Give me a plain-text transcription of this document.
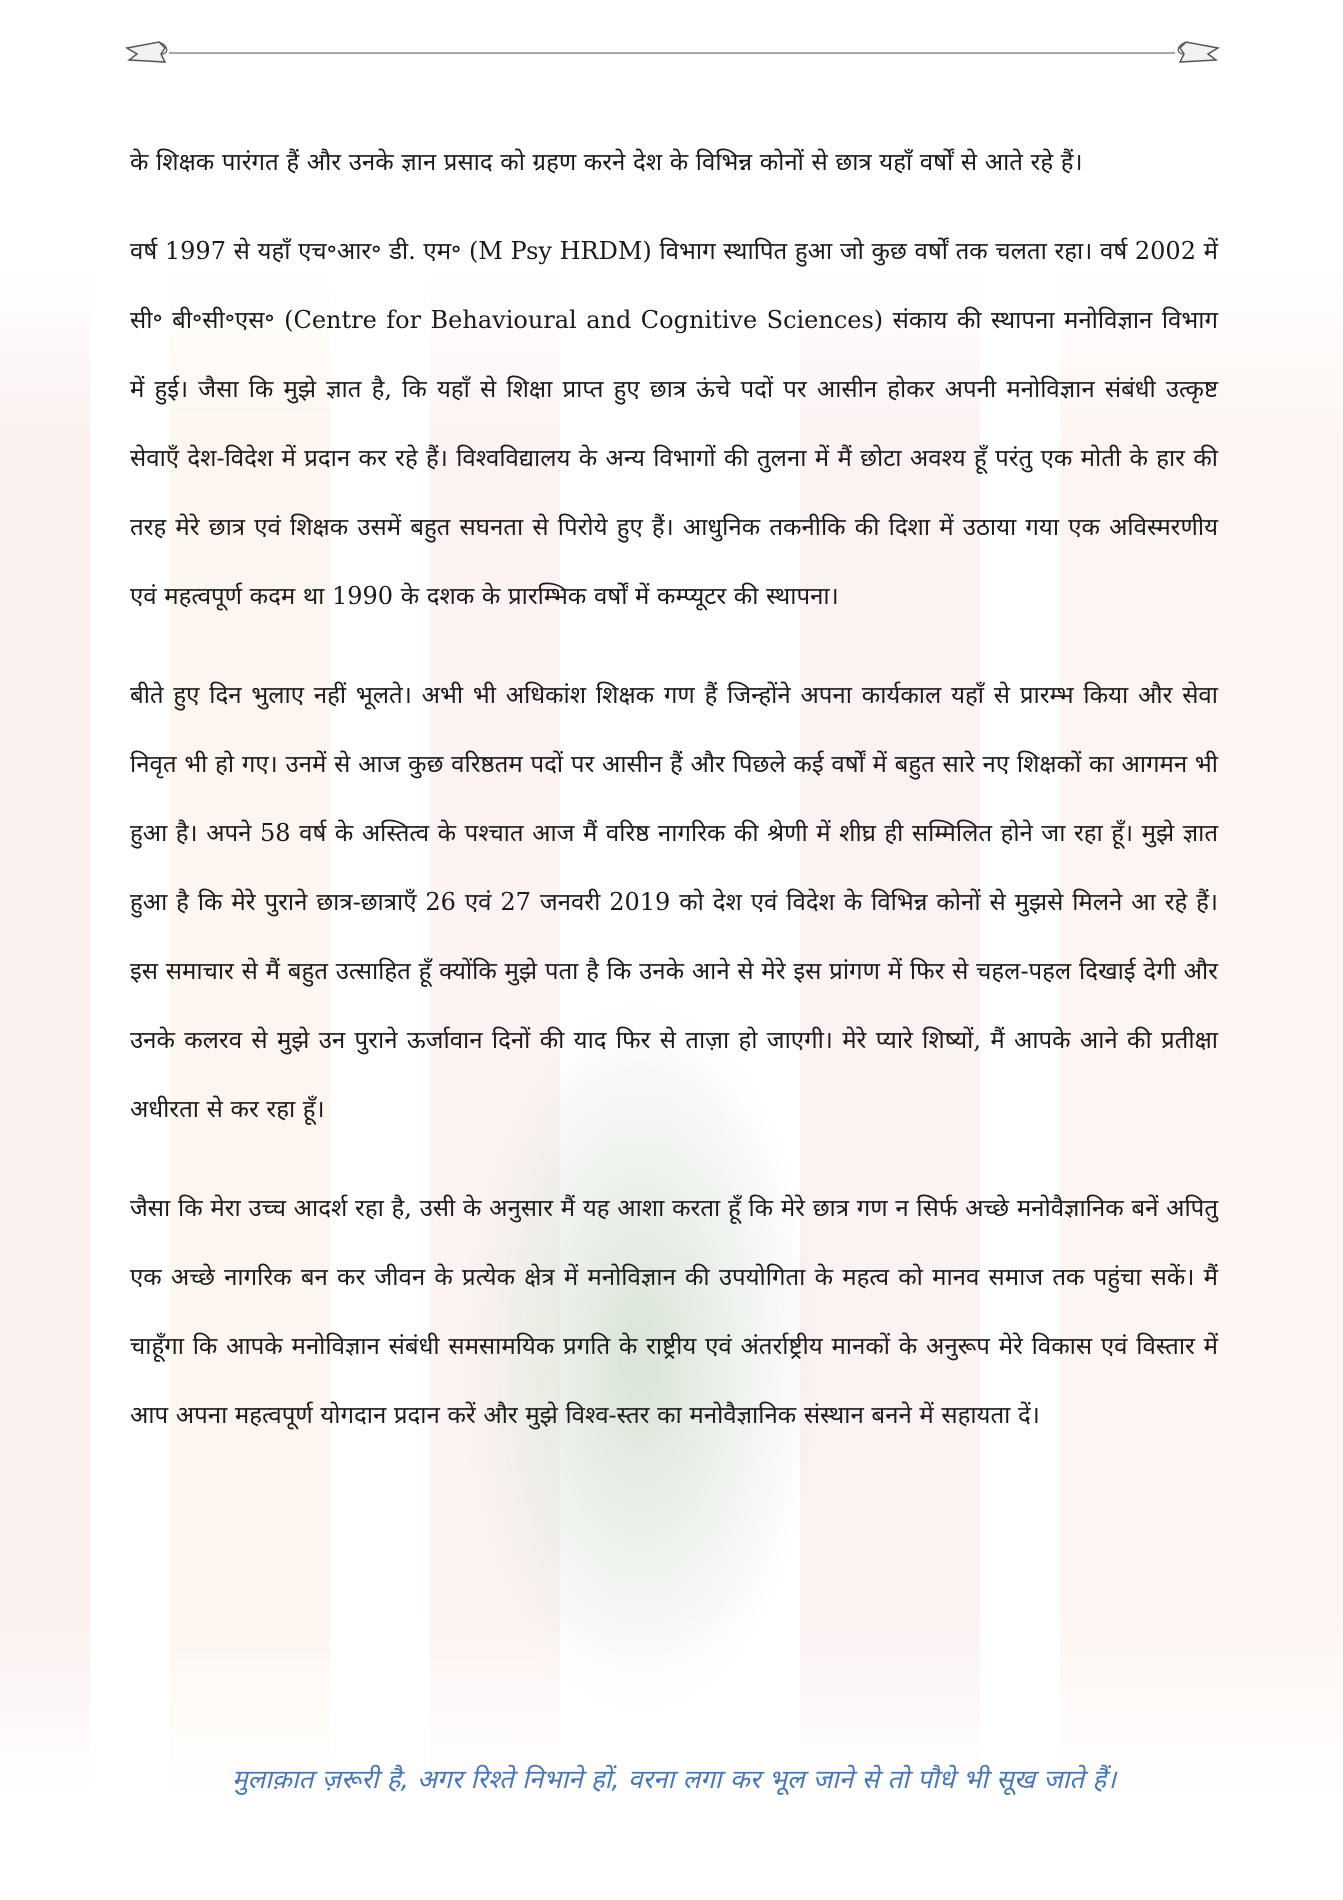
के शिक्षक पारंगत हैं और उनके ज्ञान प्रसाद को ग्रहण करने देश के विभिन्न कोनों से छात्र यहाँ वर्षों से आते रहे हैं।

वर्ष 1997 से यहाँ एच॰आर॰ डी. एम॰ (M Psy HRDM) विभाग स्थापित हुआ जो कुछ वर्षों तक चलता रहा। वर्ष 2002 में सी॰ बी॰सी॰एस॰ (Centre for Behavioural and Cognitive Sciences) संकाय की स्थापना मनोविज्ञान विभाग में हुई। जैसा कि मुझे ज्ञात है, कि यहाँ से शिक्षा प्राप्त हुए छात्र ऊंचे पदों पर आसीन होकर अपनी मनोविज्ञान संबंधी उत्कृष्ट सेवाएँ देश-विदेश में प्रदान कर रहे हैं। विश्वविद्यालय के अन्य विभागों की तुलना में मैं छोटा अवश्य हूँ परंतु एक मोती के हार की तरह मेरे छात्र एवं शिक्षक उसमें बहुत सघनता से पिरोये हुए हैं। आधुनिक तकनीकि की दिशा में उठाया गया एक अविस्मरणीय एवं महत्वपूर्ण कदम था 1990 के दशक के प्रारम्भिक वर्षों में कम्प्यूटर की स्थापना।

बीते हुए दिन भुलाए नहीं भूलते। अभी भी अधिकांश शिक्षक गण हैं जिन्होंने अपना कार्यकाल यहाँ से प्रारम्भ किया और सेवा निवृत भी हो गए। उनमें से आज कुछ वरिष्ठतम पदों पर आसीन हैं और पिछले कई वर्षों में बहुत सारे नए शिक्षकों का आगमन भी हुआ है। अपने 58 वर्ष के अस्तित्व के पश्चात आज मैं वरिष्ठ नागरिक की श्रेणी में शीघ्र ही सम्मिलित होने जा रहा हूँ। मुझे ज्ञात हुआ है कि मेरे पुराने छात्र-छात्राएँ 26 एवं 27 जनवरी 2019 को देश एवं विदेश के विभिन्न कोनों से मुझसे मिलने आ रहे हैं। इस समाचार से मैं बहुत उत्साहित हूँ क्योंकि मुझे पता है कि उनके आने से मेरे इस प्रांगण में फिर से चहल-पहल दिखाई देगी और उनके कलरव से मुझे उन पुराने ऊर्जावान दिनों की याद फिर से ताज़ा हो जाएगी। मेरे प्यारे शिष्यों, मैं आपके आने की प्रतीक्षा अधीरता से कर रहा हूँ।

जैसा कि मेरा उच्च आदर्श रहा है, उसी के अनुसार मैं यह आशा करता हूँ कि मेरे छात्र गण न सिर्फ अच्छे मनोवैज्ञानिक बनें अपितु एक अच्छे नागरिक बन कर जीवन के प्रत्येक क्षेत्र में मनोविज्ञान की उपयोगिता के महत्व को मानव समाज तक पहुंचा सकें। मैं चाहूँगा कि आपके मनोविज्ञान संबंधी समसामयिक प्रगति के राष्ट्रीय एवं अंतर्राष्ट्रीय मानकों के अनुरूप मेरे विकास एवं विस्तार में आप अपना महत्वपूर्ण योगदान प्रदान करें और मुझे विश्व-स्तर का मनोवैज्ञानिक संस्थान बनने में सहायता दें।

मुलाक़ात ज़रूरी है, अगर रिश्ते निभाने हों, वरना लगा कर भूल जाने से तो पौधे भी सूख जाते हैं।
